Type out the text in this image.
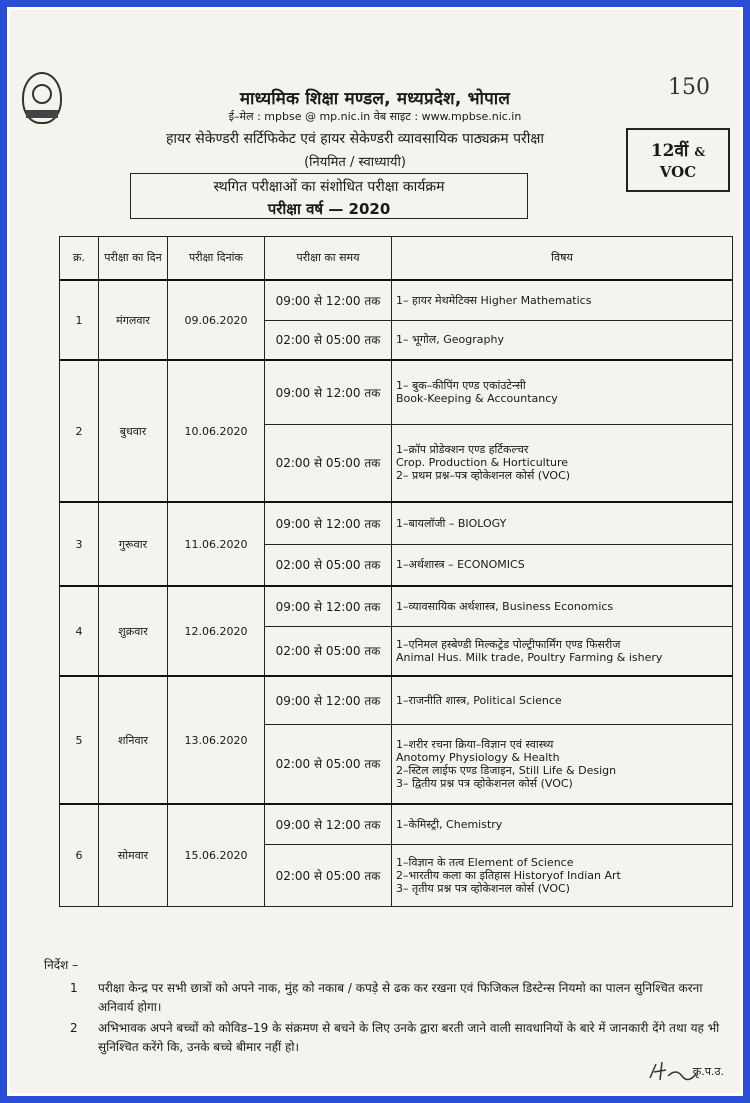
150
माध्यमिक शिक्षा मण्डल, मध्यप्रदेश, भोपाल
ई–मेल : mpbse @ mp.nic.in वेब साइट : www.mpbse.nic.in
हायर सेकेण्डरी सर्टिफिकेट एवं हायर सेकेण्डरी व्यावसायिक पाठ्यक्रम परीक्षा
(नियमित / स्वाध्यायी)
12वीं &
VOC
स्थगित परीक्षाओं का संशोधित परीक्षा कार्यक्रम
परीक्षा वर्ष — 2020
क्र.	परीक्षा का दिन	परीक्षा दिनांक	परीक्षा का समय	विषय
1	मंगलवार	09.06.2020	09:00 से 12:00 तक	1– हायर मेथमेटिक्स Higher Mathematics

			02:00 से 05:00 तक	1– भूगोल, Geography

2	बुधवार	10.06.2020	09:00 से 12:00 तक	1– बुक–कीपिंग एण्ड एकांउटेन्सी
Book-Keeping & Accountancy

			02:00 से 05:00 तक	1–क्रॉप प्रोडेक्शन एण्ड हर्टिकल्चर
Crop. Production & Horticulture
2– प्रथम प्रश्न–पत्र व्होकेशनल कोर्स (VOC)

3	गुरूवार	11.06.2020	09:00 से 12:00 तक	1–बायलॉजी – BIOLOGY

			02:00 से 05:00 तक	1–अर्थशास्त्र – ECONOMICS

4	शुक्रवार	12.06.2020	09:00 से 12:00 तक	1–व्यावसायिक अर्थशास्त्र, Business Economics

			02:00 से 05:00 तक	1–एनिमल हस्बेण्डी मिल्कट्रेड पोल्ट्रीफार्मिंग एण्ड फिसरीज
Animal Hus. Milk trade, Poultry Farming & ishery

5	शनिवार	13.06.2020	09:00 से 12:00 तक	1–राजनीति शास्त्र, Political Science

			02:00 से 05:00 तक	1–शरीर रचना क्रिया–विज्ञान एवं स्वास्थ्य
Anotomy Physiology & Health
2–स्टिल लाईफ एण्ड डिजाइन, Still Life & Design
3– द्वितीय प्रश्न पत्र व्होकेशनल कोर्स (VOC)

6	सोमवार	15.06.2020	09:00 से 12:00 तक	1–केमिस्ट्री, Chemistry

			02:00 से 05:00 तक	1–विज्ञान के तत्व Element of Science
2–भारतीय कला का इतिहास Historyof Indian Art
3– तृतीय प्रश्न पत्र व्होकेशनल कोर्स (VOC)
निर्देश –
1 परीक्षा केन्द्र पर सभी छात्रों को अपने नाक, मुंह को नकाब / कपड़े से ढक कर रखना एवं फिजिकल डिस्टेन्स नियमो का पालन सुनिश्चित करना अनिवार्य होगा।
2 अभिभावक अपने बच्चों को कोविड–19 के संक्रमण से बचने के लिए उनके द्वारा बरती जाने वाली सावधानियों के बारे में जानकारी देंगे तथा यह भी सुनिश्चित करेंगे कि, उनके बच्चे बीमार नहीं हो।
कृ.प.उ.
